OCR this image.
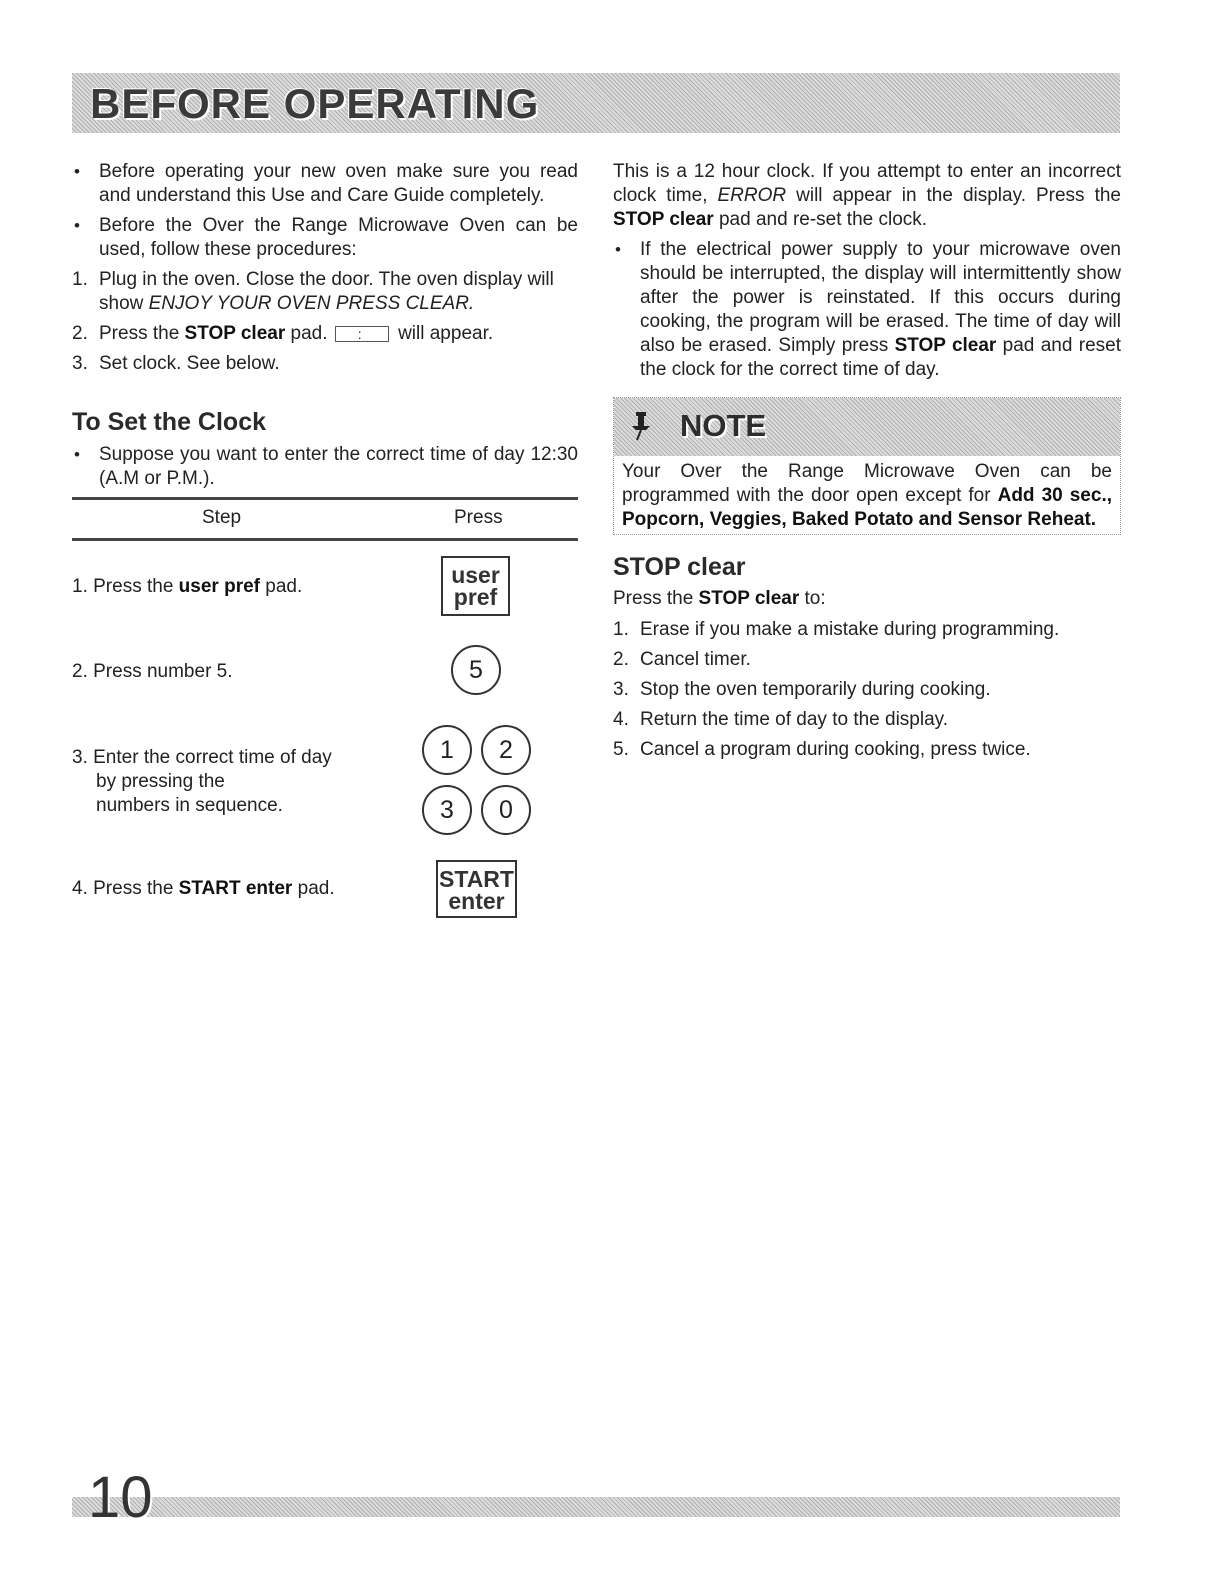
BEFORE OPERATING
• Before operating your new oven make sure you read and understand this Use and Care Guide completely.
• Before the Over the Range Microwave Oven can be used, follow these procedures:
1. Plug in the oven. Close the door. The oven display will show ENJOY YOUR OVEN PRESS CLEAR.
2. Press the STOP clear pad. :	will appear.
3. Set clock. See below.
To Set the Clock
• Suppose you want to enter the correct time of day 12:30 (A.M or P.M.).
Step	Press
1. Press the user pref pad.	user
pref
2. Press number 5.	5
3. Enter the correct time of day
by pressing the
numbers in sequence.
1	2
3	0
4. Press the START enter pad.	START
enter

This is a 12 hour clock. If you attempt to enter an incorrect clock time, ERROR will appear in the display. Press the STOP clear pad and re-set the clock.

• If the electrical power supply to your microwave oven should be interrupted, the display will intermittently show after the power is reinstated. If this occurs during cooking, the program will be erased. The time of day will also be erased. Simply press STOP clear pad and reset the clock for the correct time of day.
NOTE

Your Over the Range Microwave Oven can be programmed with the door open except for Add 30 sec., Popcorn, Veggies, Baked Potato and Sensor Reheat.

STOP clear

Press the STOP clear to:

1. Erase if you make a mistake during programming.
2. Cancel timer.
3. Stop the oven temporarily during cooking.
4. Return the time of day to the display.
5. Cancel a program during cooking, press twice.
10
